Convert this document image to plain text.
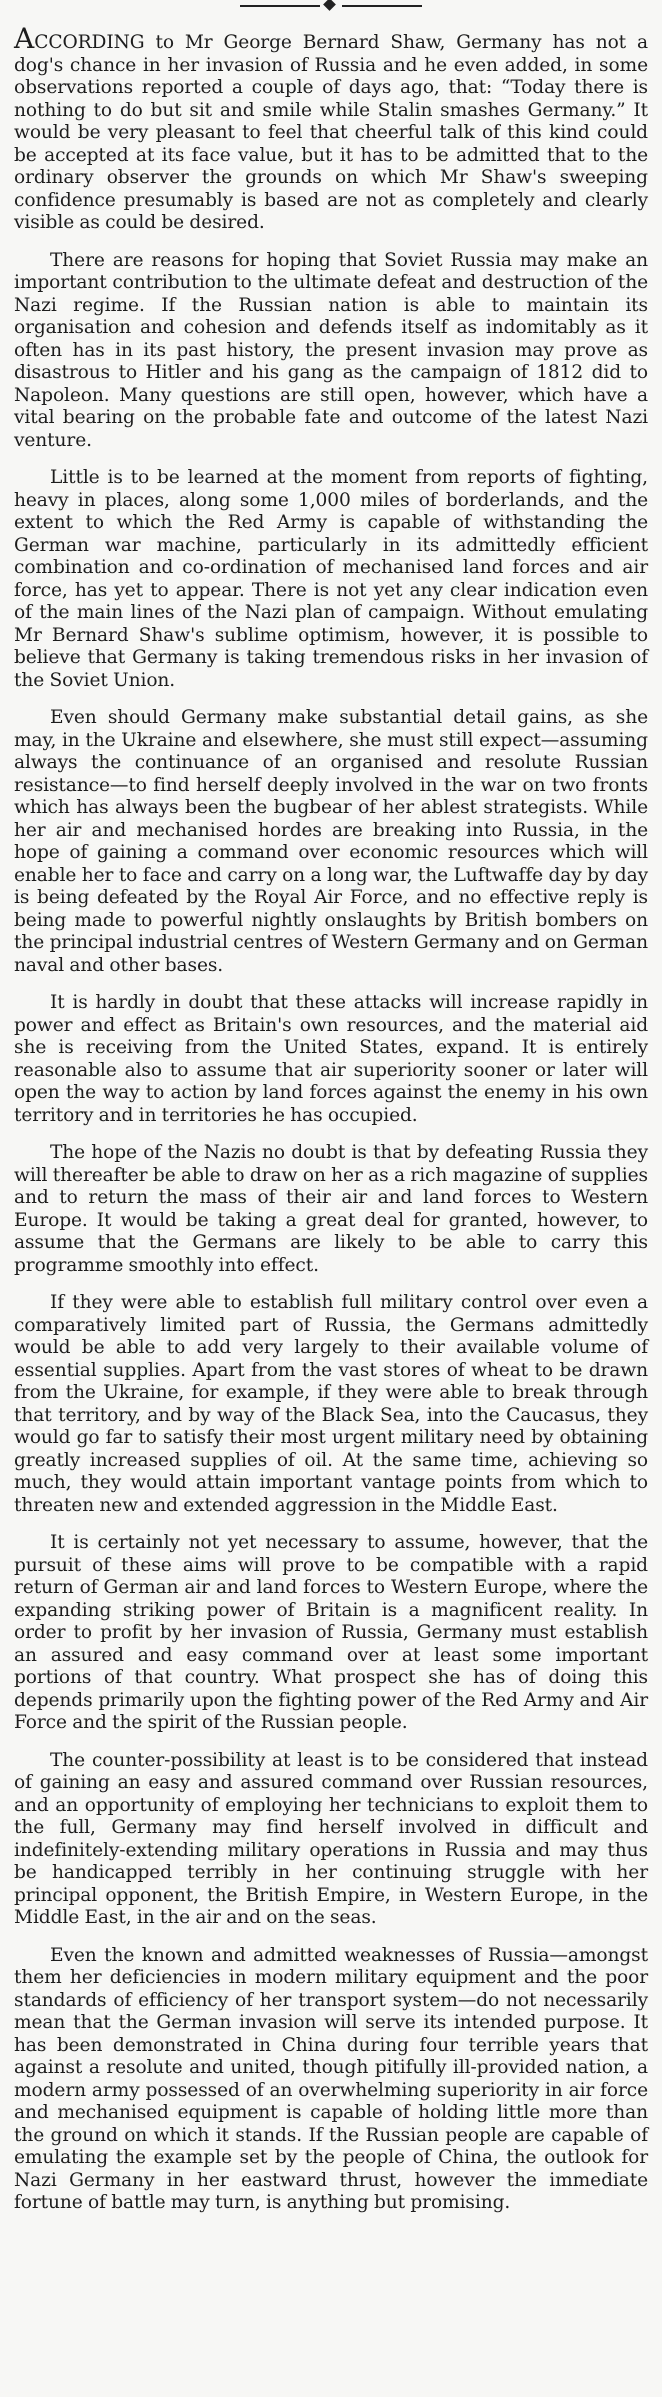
ACCORDING to Mr George Bernard Shaw, Germany has not a dog's chance in her invasion of Russia and he even added, in some observations reported a couple of days ago, that: “Today there is nothing to do but sit and smile while Stalin smashes Germany.” It would be very pleasant to feel that cheerful talk of this kind could be accepted at its face value, but it has to be admitted that to the ordinary observer the grounds on which Mr Shaw's sweeping confidence presumably is based are not as completely and clearly visible as could be desired.

There are reasons for hoping that Soviet Russia may make an important contribution to the ultimate defeat and destruction of the Nazi regime. If the Russian nation is able to maintain its organisation and cohesion and defends itself as indomitably as it often has in its past history, the present invasion may prove as disastrous to Hitler and his gang as the campaign of 1812 did to Napoleon. Many questions are still open, however, which have a vital bearing on the probable fate and outcome of the latest Nazi venture.

Little is to be learned at the moment from reports of fighting, heavy in places, along some 1,000 miles of borderlands, and the extent to which the Red Army is capable of withstanding the German war machine, particularly in its admittedly efficient combination and co-ordination of mechanised land forces and air force, has yet to appear. There is not yet any clear indication even of the main lines of the Nazi plan of campaign. Without emulating Mr Bernard Shaw's sublime optimism, however, it is possible to believe that Germany is taking tremendous risks in her invasion of the Soviet Union.

Even should Germany make substantial detail gains, as she may, in the Ukraine and elsewhere, she must still expect—assuming always the continuance of an organised and resolute Russian resistance—to find herself deeply involved in the war on two fronts which has always been the bugbear of her ablest strategists. While her air and mechanised hordes are breaking into Russia, in the hope of gaining a command over economic resources which will enable her to face and carry on a long war, the Luftwaffe day by day is being defeated by the Royal Air Force, and no effective reply is being made to powerful nightly onslaughts by British bombers on the principal industrial centres of Western Germany and on German naval and other bases.

It is hardly in doubt that these attacks will increase rapidly in power and effect as Britain's own resources, and the material aid she is receiving from the United States, expand. It is entirely reasonable also to assume that air superiority sooner or later will open the way to action by land forces against the enemy in his own territory and in territories he has occupied.

The hope of the Nazis no doubt is that by defeating Russia they will thereafter be able to draw on her as a rich magazine of supplies and to return the mass of their air and land forces to Western Europe. It would be taking a great deal for granted, however, to assume that the Germans are likely to be able to carry this programme smoothly into effect.

If they were able to establish full military control over even a comparatively limited part of Russia, the Germans admittedly would be able to add very largely to their available volume of essential supplies. Apart from the vast stores of wheat to be drawn from the Ukraine, for example, if they were able to break through that territory, and by way of the Black Sea, into the Caucasus, they would go far to satisfy their most urgent military need by obtaining greatly increased supplies of oil. At the same time, achieving so much, they would attain important vantage points from which to threaten new and extended aggression in the Middle East.

It is certainly not yet necessary to assume, however, that the pursuit of these aims will prove to be compatible with a rapid return of German air and land forces to Western Europe, where the expanding striking power of Britain is a magnificent reality. In order to profit by her invasion of Russia, Germany must establish an assured and easy command over at least some important portions of that country. What prospect she has of doing this depends primarily upon the fighting power of the Red Army and Air Force and the spirit of the Russian people.

The counter-possibility at least is to be considered that instead of gaining an easy and assured command over Russian resources, and an opportunity of employing her technicians to exploit them to the full, Germany may find herself involved in difficult and indefinitely-extending military operations in Russia and may thus be handicapped terribly in her continuing struggle with her principal opponent, the British Empire, in Western Europe, in the Middle East, in the air and on the seas.

Even the known and admitted weaknesses of Russia—amongst them her deficiencies in modern military equipment and the poor standards of efficiency of her transport system—do not necessarily mean that the German invasion will serve its intended purpose. It has been demonstrated in China during four terrible years that against a resolute and united, though pitifully ill-provided nation, a modern army possessed of an overwhelming superiority in air force and mechanised equipment is capable of holding little more than the ground on which it stands. If the Russian people are capable of emulating the example set by the people of China, the outlook for Nazi Germany in her eastward thrust, however the immediate fortune of battle may turn, is anything but promising.
